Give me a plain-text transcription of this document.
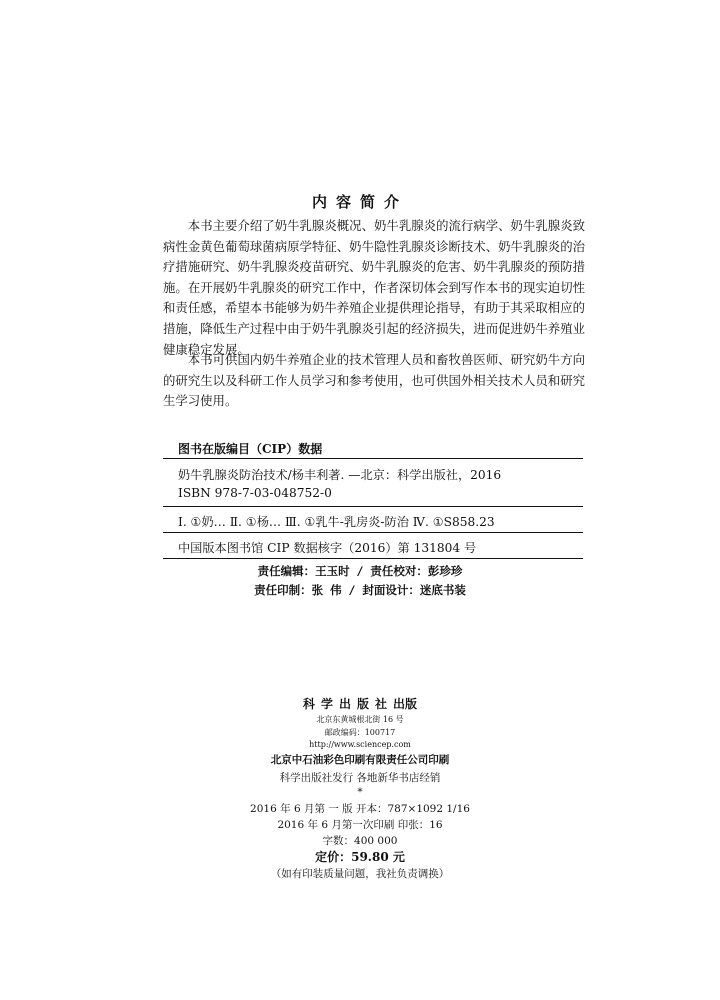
内容简介

本书主要介绍了奶牛乳腺炎概况、奶牛乳腺炎的流行病学、奶牛乳腺炎致病性金黄色葡萄球菌病原学特征、奶牛隐性乳腺炎诊断技术、奶牛乳腺炎的治疗措施研究、奶牛乳腺炎疫苗研究、奶牛乳腺炎的危害、奶牛乳腺炎的预防措施。在开展奶牛乳腺炎的研究工作中，作者深切体会到写作本书的现实迫切性和责任感，希望本书能够为奶牛养殖企业提供理论指导，有助于其采取相应的措施，降低生产过程中由于奶牛乳腺炎引起的经济损失，进而促进奶牛养殖业健康稳定发展。

本书可供国内奶牛养殖企业的技术管理人员和畜牧兽医师、研究奶牛方向的研究生以及科研工作人员学习和参考使用，也可供国外相关技术人员和研究生学习使用。

图书在版编目（CIP）数据
奶牛乳腺炎防治技术/杨丰利著. —北京：科学出版社，2016
ISBN 978-7-03-048752-0
Ⅰ. ①奶… Ⅱ. ①杨… Ⅲ. ①乳牛-乳房炎-防治 Ⅳ. ①S858.23
中国版本图书馆 CIP 数据核字（2016）第 131804 号
责任编辑：王玉时 / 责任校对：彭珍珍
责任印制：张 伟 / 封面设计：迷底书装
科学出版社出版
北京东黄城根北街 16 号
邮政编码：100717
http://www.sciencep.com
北京中石油彩色印刷有限责任公司印刷
科学出版社发行 各地新华书店经销
*
2016 年 6 月第 一 版 开本：787×1092 1/16
2016 年 6 月第一次印刷 印张：16
字数：400 000
定价：59.80 元
（如有印装质量问题，我社负责调换）
